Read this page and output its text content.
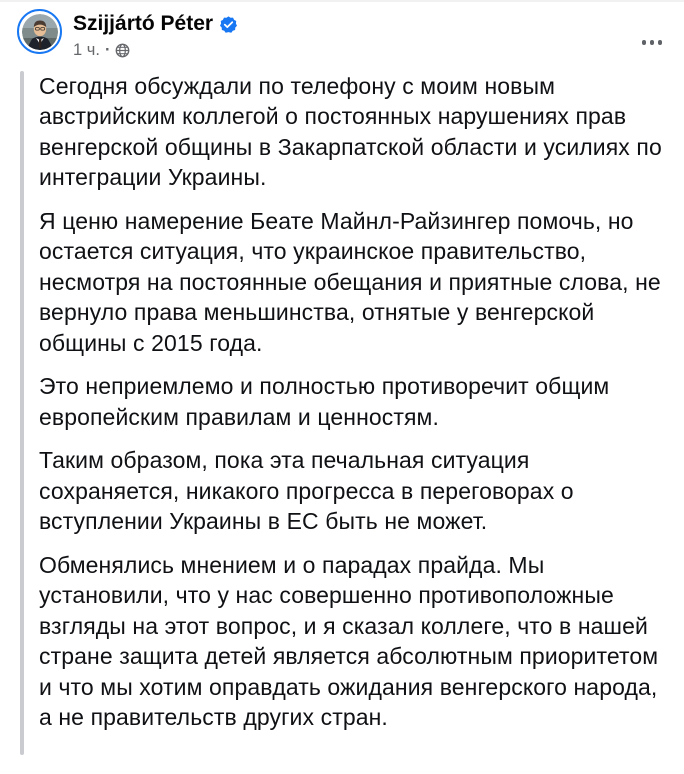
Szijjártó Péter
1 ч. ·

Сегодня обсуждали по телефону с моим новым австрийским коллегой о постоянных нарушениях прав венгерской общины в Закарпатской области и усилиях по интеграции Украины.

Я ценю намерение Беате Майнл-Райзингер помочь, но остается ситуация, что украинское правительство, несмотря на постоянные обещания и приятные слова, не вернуло права меньшинства, отнятые у венгерской общины с 2015 года.

Это неприемлемо и полностью противоречит общим европейским правилам и ценностям.

Таким образом, пока эта печальная ситуация сохраняется, никакого прогресса в переговорах о вступлении Украины в ЕС быть не может.

Обменялись мнением и о парадах прайда. Мы установили, что у нас совершенно противоположные взгляды на этот вопрос, и я сказал коллеге, что в нашей стране защита детей является абсолютным приоритетом и что мы хотим оправдать ожидания венгерского народа, а не правительств других стран.
